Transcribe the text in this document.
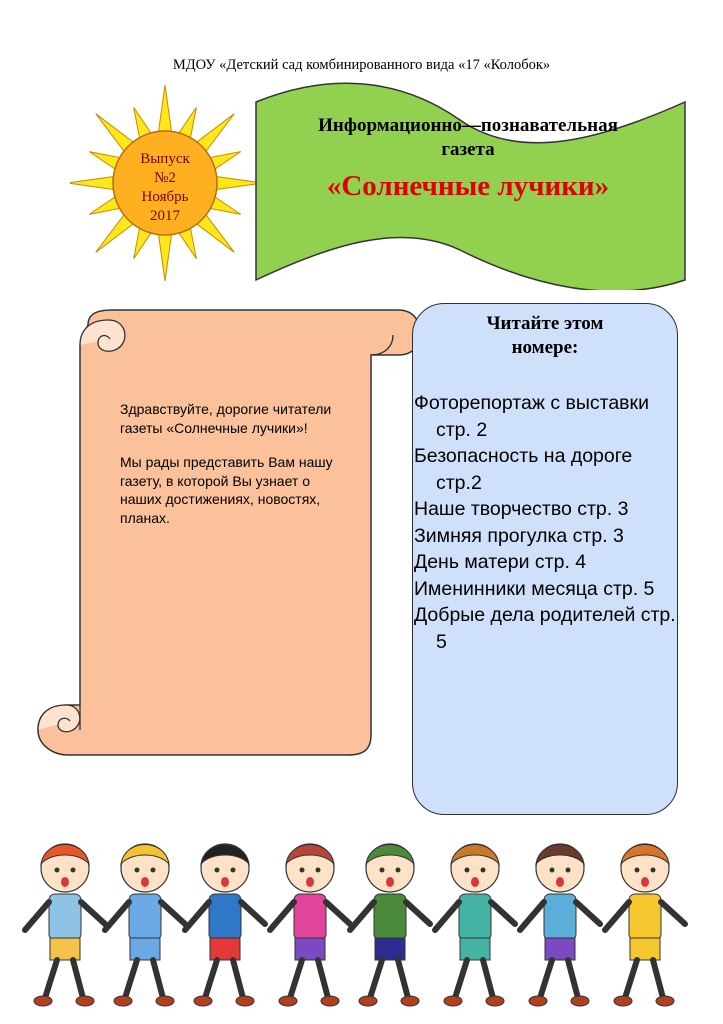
МДОУ «Детский сад комбинированного вида «17 «Колобок»
Выпуск
№2
Ноябрь
2017
Информационно—познавательная
газета
«Солнечные лучики»

Здравствуйте, дорогие читатели газеты «Солнечные лучики»!

Мы рады представить Вам нашу газету, в которой Вы узнает о наших достижениях, новостях, планах.

Читайте этом
номере:
Фоторепортаж с выставки стр. 2
Безопасность на дороге стр.2
Наше творчество стр. 3
Зимняя прогулка стр. 3
День матери стр. 4
Именинники месяца стр. 5
Добрые дела родителей стр. 5
